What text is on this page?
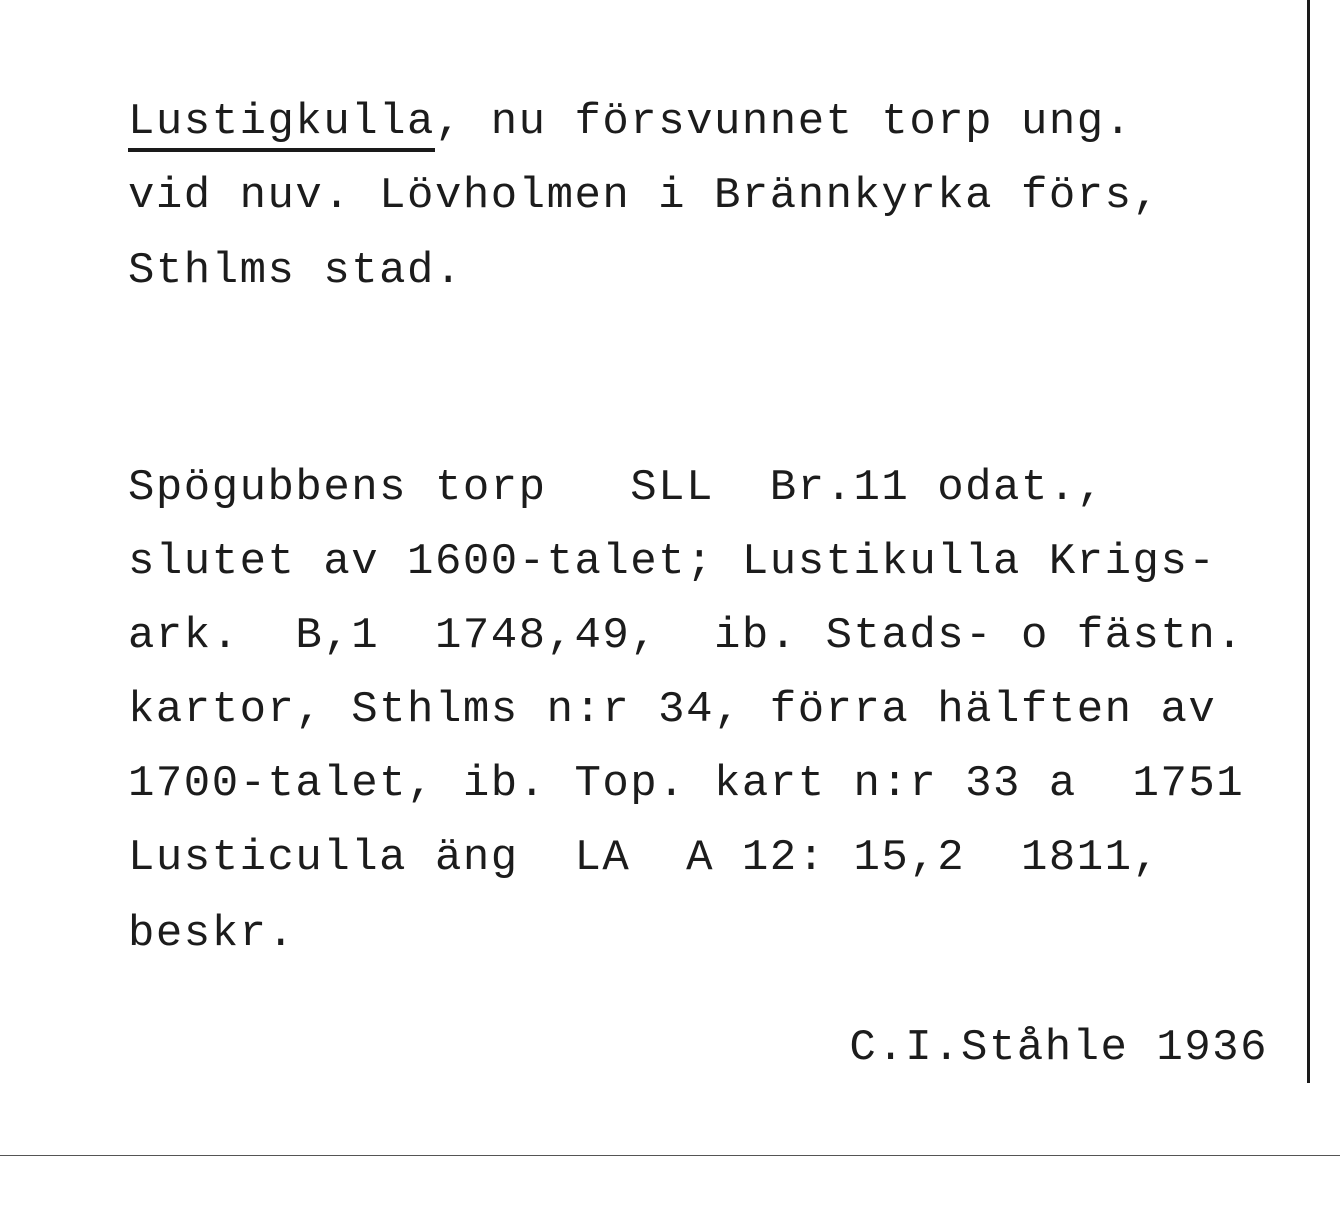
Lustigkulla, nu försvunnet torp ung.
vid nuv. Lövholmen i Brännkyrka förs,
Sthlms stad.
Spögubbens torp   SLL  Br.11 odat.,
slutet av 1600-talet; Lustikulla Krigs-
ark.  B,1  1748,49,  ib. Stads- o fästn.
kartor, Sthlms n:r 34, förra hälften av
1700-talet, ib. Top. kart n:r 33 a  1751
Lusticulla äng  LA  A 12: 15,2  1811,
beskr.
C.I.Ståhle 1936
